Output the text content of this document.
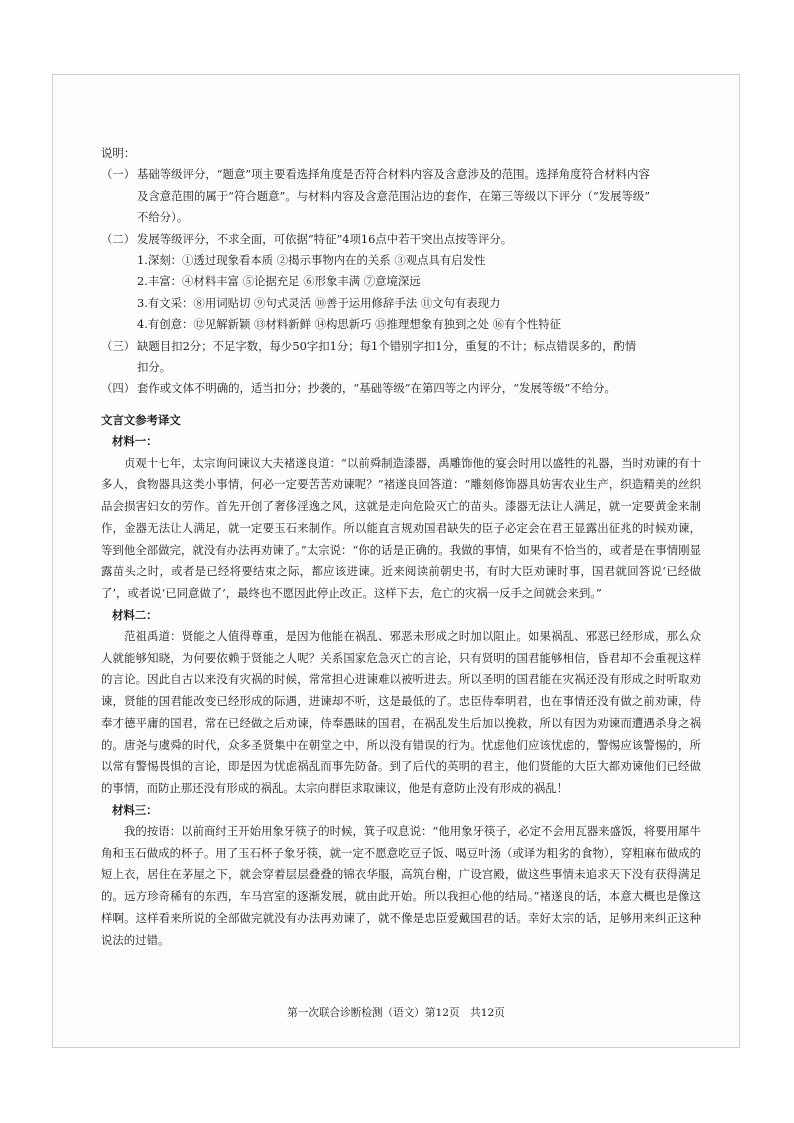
说明：

（一） 基础等级评分，“题意”项主要看选择角度是否符合材料内容及含意涉及的范围。选择角度符合材料内容

及含意范围的属于“符合题意”。与材料内容及含意范围沾边的套作，在第三等级以下评分（“发展等级”

不给分）。

（二） 发展等级评分，不求全面，可依据“特征”4项16点中若干突出点按等评分。

1.深刻：①透过现象看本质 ②揭示事物内在的关系 ③观点具有启发性

2.丰富：④材料丰富 ⑤论据充足 ⑥形象丰满 ⑦意境深远

3.有文采：⑧用词贴切 ⑨句式灵活 ⑩善于运用修辞手法 ⑪文句有表现力

4.有创意：⑫见解新颖 ⑬材料新鲜 ⑭构思新巧 ⑮推理想象有独到之处 ⑯有个性特征

（三） 缺题目扣2分；不足字数，每少50字扣1分；每1个错别字扣1分，重复的不计；标点错误多的，酌情

扣分。

（四） 套作或文体不明确的，适当扣分；抄袭的，“基础等级”在第四等之内评分，“发展等级”不给分。

文言文参考译文

材料一：

贞观十七年，太宗询问谏议大夫褚遂良道：“以前舜制造漆器，禹雕饰他的宴会时用以盛牲的礼器，当时劝谏的有十多人，食物器具这类小事情，何必一定要苦苦劝谏呢？”褚遂良回答道：“雕刻修饰器具妨害农业生产，织造精美的丝织品会损害妇女的劳作。首先开创了奢侈淫逸之风，这就是走向危险灭亡的苗头。漆器无法让人满足，就一定要黄金来制作，金器无法让人满足，就一定要玉石来制作。所以能直言规劝国君缺失的臣子必定会在君王显露出征兆的时候劝谏，等到他全部做完，就没有办法再劝谏了。”太宗说：“你的话是正确的。我做的事情，如果有不恰当的，或者是在事情刚显露苗头之时，或者是已经将要结束之际，都应该进谏。近来阅读前朝史书，有时大臣劝谏时事，国君就回答说‘已经做了’，或者说‘已同意做了’，最终也不愿因此停止改正。这样下去，危亡的灾祸一反手之间就会来到。”

材料二：

范祖禹道：贤能之人值得尊重，是因为他能在祸乱、邪恶未形成之时加以阻止。如果祸乱、邪恶已经形成，那么众人就能够知晓，为何要依赖于贤能之人呢？关系国家危急灭亡的言论，只有贤明的国君能够相信，昏君却不会重视这样的言论。因此自古以来没有灾祸的时候，常常担心进谏难以被听进去。所以圣明的国君能在灾祸还没有形成之时听取劝谏，贤能的国君能改变已经形成的际遇，进谏却不听，这是最低的了。忠臣侍奉明君，也在事情还没有做之前劝谏，侍奉才德平庸的国君，常在已经做之后劝谏，侍奉愚昧的国君，在祸乱发生后加以挽救，所以有因为劝谏而遭遇杀身之祸的。唐尧与虞舜的时代，众多圣贤集中在朝堂之中，所以没有错误的行为。忧虑他们应该忧虑的，警惕应该警惕的，所以常有警惕畏惧的言论，即是因为忧虑祸乱而事先防备。到了后代的英明的君主，他们贤能的大臣大都劝谏他们已经做的事情，而防止那还没有形成的祸乱。太宗向群臣求取谏议，他是有意防止没有形成的祸乱！

材料三：

我的按语：以前商纣王开始用象牙筷子的时候，箕子叹息说：“他用象牙筷子，必定不会用瓦器来盛饭，将要用犀牛角和玉石做成的杯子。用了玉石杯子象牙筷，就一定不愿意吃豆子饭、喝豆叶汤（或译为粗劣的食物），穿粗麻布做成的短上衣，居住在茅屋之下，就会穿着层层叠叠的锦衣华服，高筑台榭，广设宫殿，做这些事情未追求天下没有获得满足的。远方珍奇稀有的东西，车马宫室的逐渐发展，就由此开始。所以我担心他的结局。”褚遂良的话，本意大概也是像这样啊。这样看来所说的全部做完就没有办法再劝谏了，就不像是忠臣爱戴国君的话。幸好太宗的话，足够用来纠正这种说法的过错。

第一次联合诊断检测（语文）第12页　共12页
